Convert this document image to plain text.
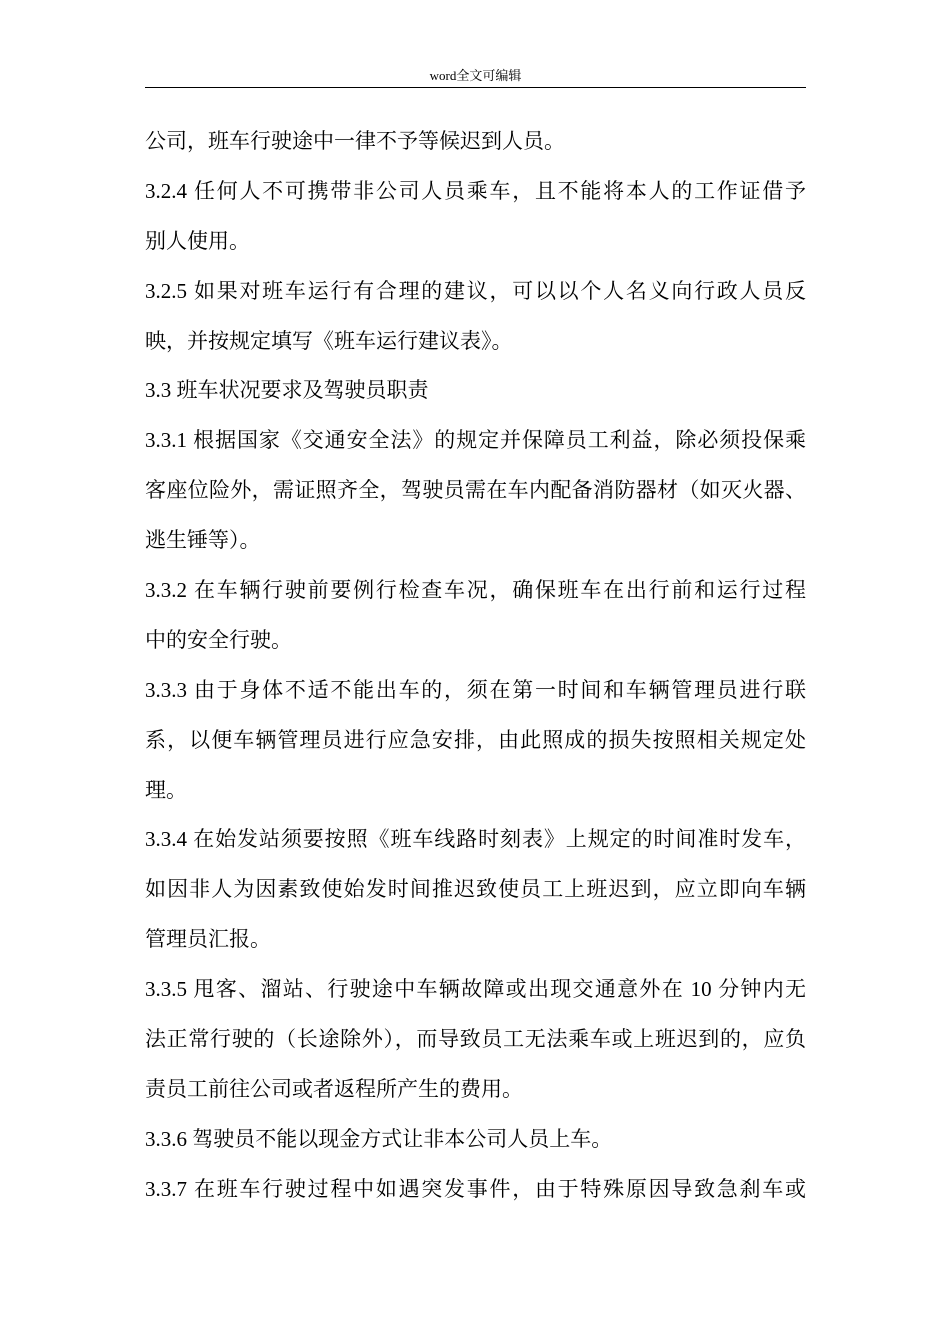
word全文可编辑
公司，班车行驶途中一律不予等候迟到人员。
3.2.4 任何人不可携带非公司人员乘车，且不能将本人的工作证借予
别人使用。
3.2.5 如果对班车运行有合理的建议，可以以个人名义向行政人员反
映，并按规定填写《班车运行建议表》。
3.3 班车状况要求及驾驶员职责
3.3.1 根据国家《交通安全法》的规定并保障员工利益，除必须投保乘
客座位险外，需证照齐全，驾驶员需在车内配备消防器材（如灭火器、
逃生锤等）。
3.3.2 在车辆行驶前要例行检查车况，确保班车在出行前和运行过程
中的安全行驶。
3.3.3 由于身体不适不能出车的，须在第一时间和车辆管理员进行联
系，以便车辆管理员进行应急安排，由此照成的损失按照相关规定处
理。
3.3.4 在始发站须要按照《班车线路时刻表》上规定的时间准时发车，
如因非人为因素致使始发时间推迟致使员工上班迟到，应立即向车辆
管理员汇报。
3.3.5 甩客、溜站、行驶途中车辆故障或出现交通意外在 10 分钟内无
法正常行驶的（长途除外），而导致员工无法乘车或上班迟到的，应负
责员工前往公司或者返程所产生的费用。
3.3.6 驾驶员不能以现金方式让非本公司人员上车。
3.3.7 在班车行驶过程中如遇突发事件，由于特殊原因导致急刹车或
